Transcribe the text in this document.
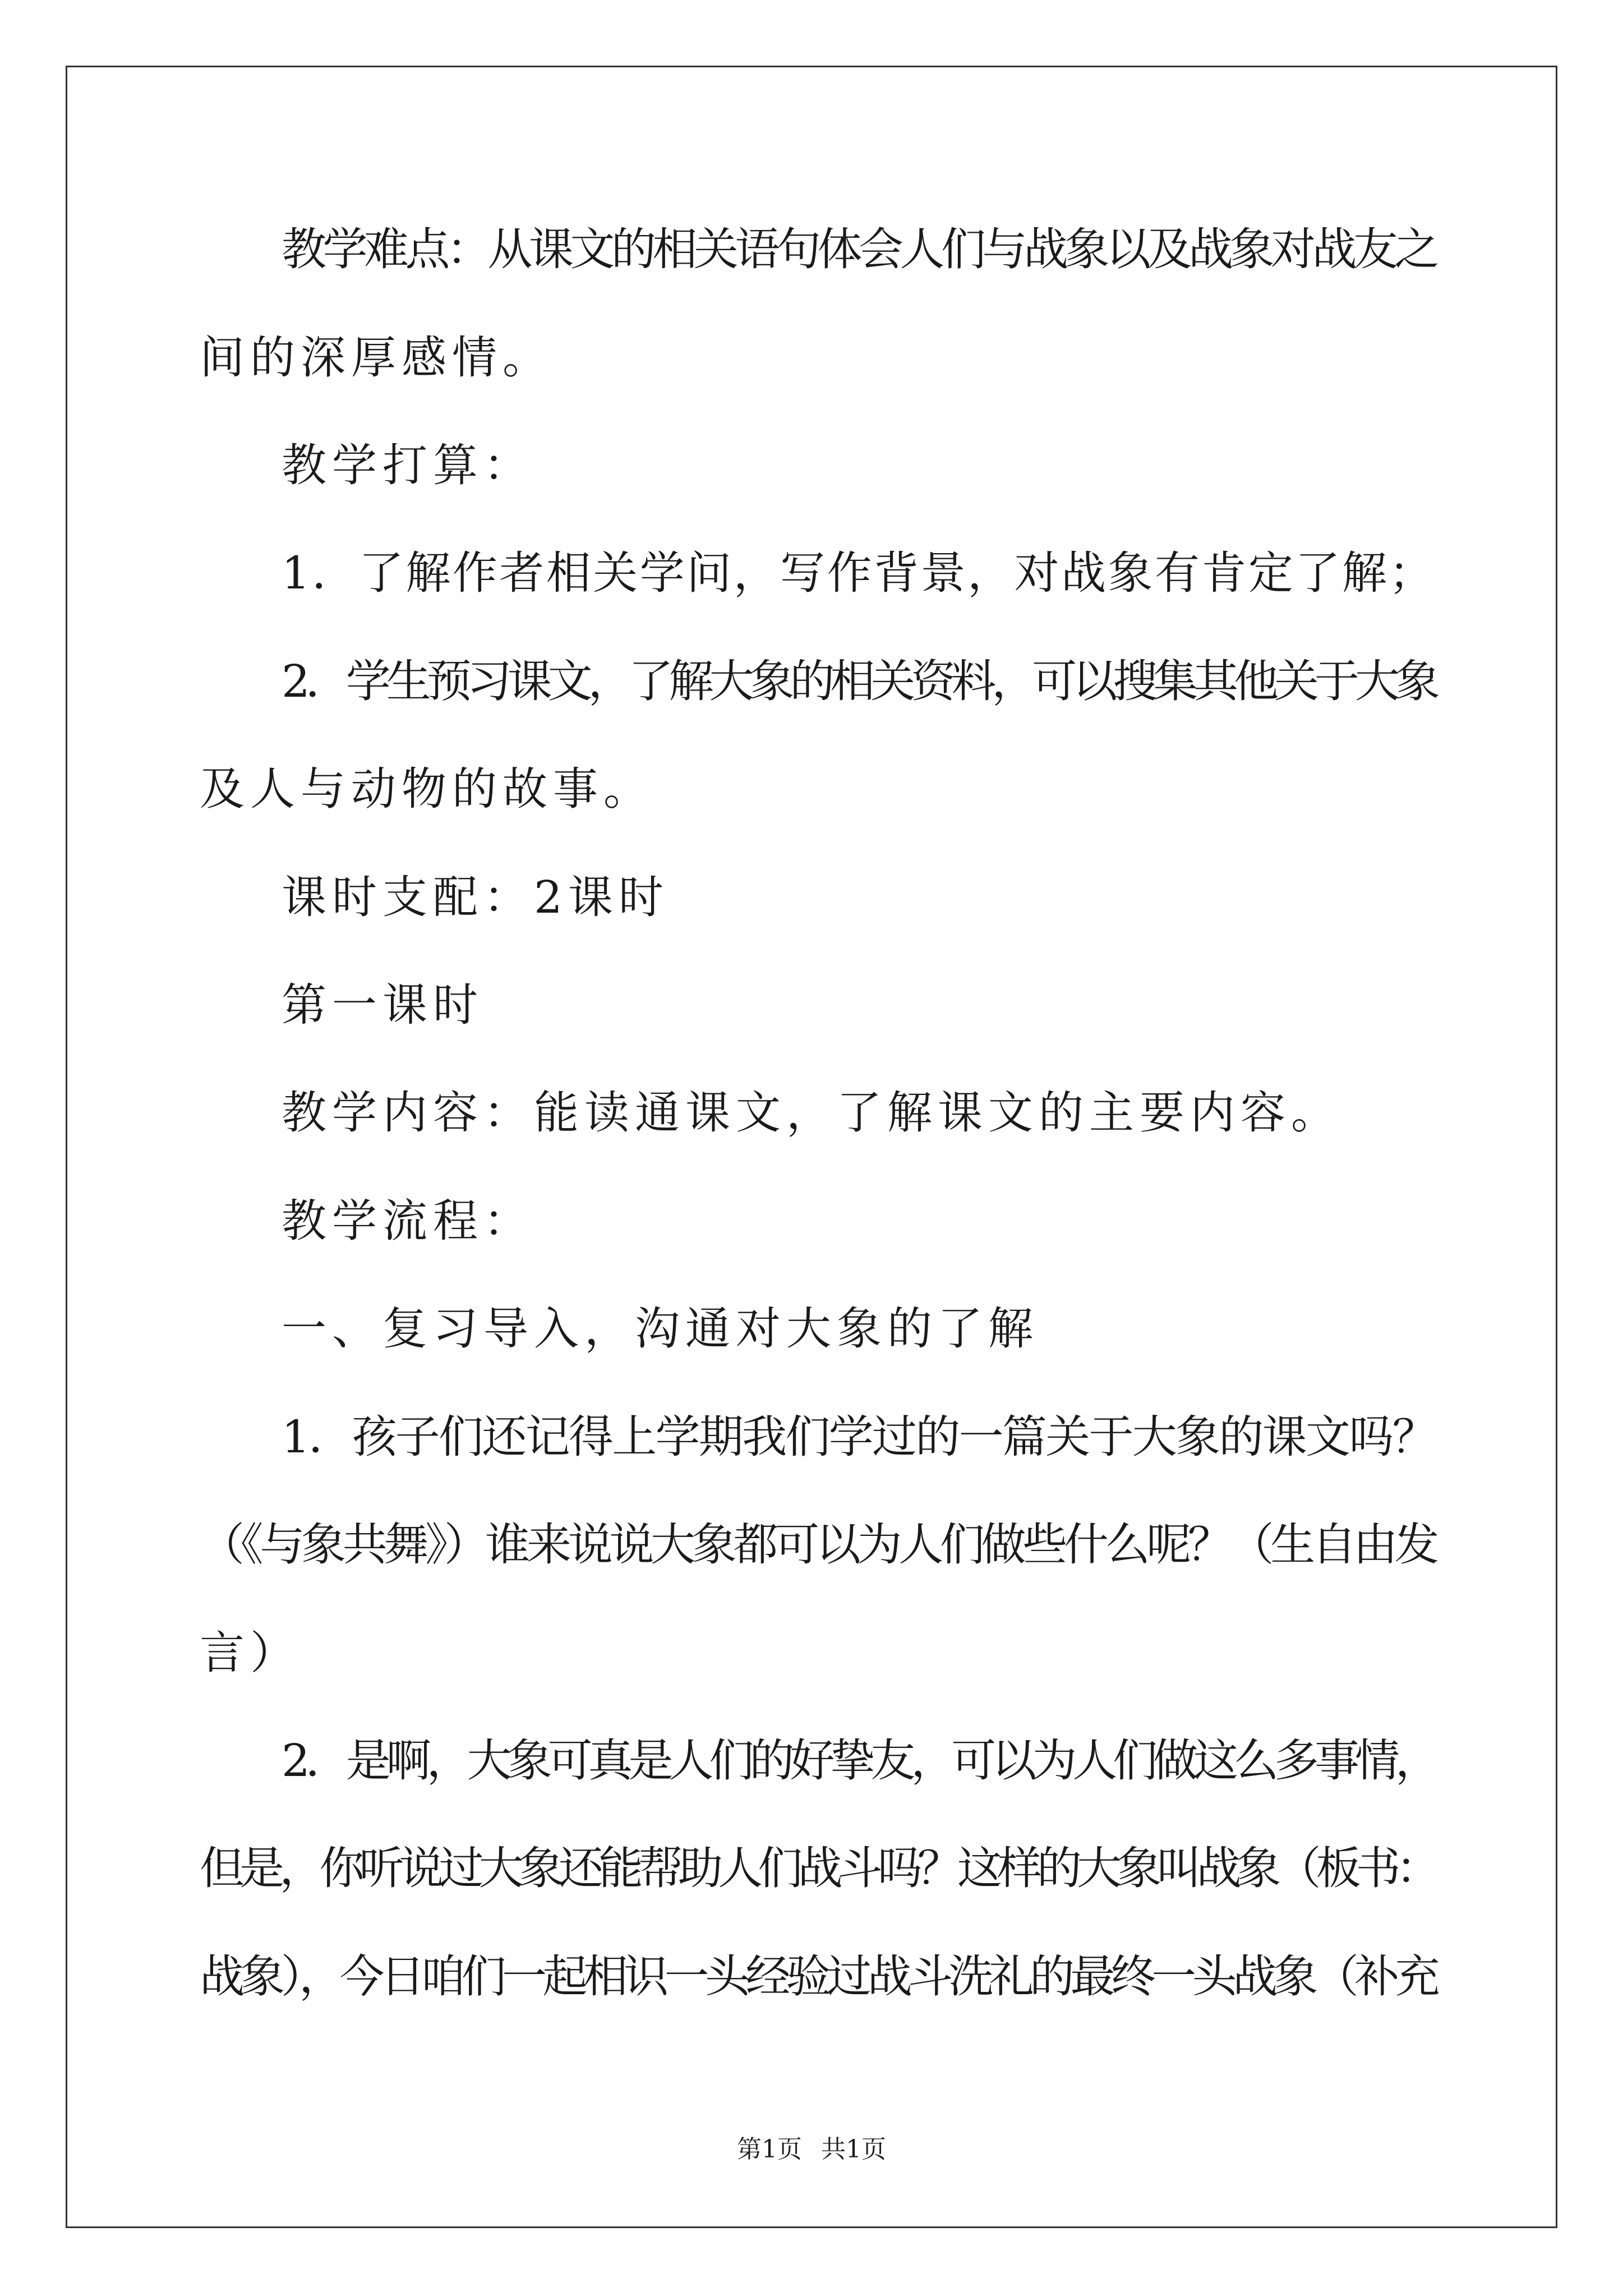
教学难点：从课文的相关语句体会人们与战象以及战象对战友之
间的深厚感情。
教学打算：
1．了解作者相关学问，写作背景，对战象有肯定了解；
2．学生预习课文，了解大象的相关资料，可以搜集其他关于大象
及人与动物的故事。
课时支配：2课时
第一课时
教学内容：能读通课文，了解课文的主要内容。
教学流程：
一、复习导入，沟通对大象的了解
1．孩子们还记得上学期我们学过的一篇关于大象的课文吗？
（《与象共舞》）谁来说说大象都可以为人们做些什么呢？（生自由发
言）
2．是啊，大象可真是人们的好挚友，可以为人们做这么多事情，
但是，你听说过大象还能帮助人们战斗吗？这样的大象叫战象（板书：
战象），今日咱们一起相识一头经验过战斗洗礼的最终一头战象（补充
第1页 共1页
